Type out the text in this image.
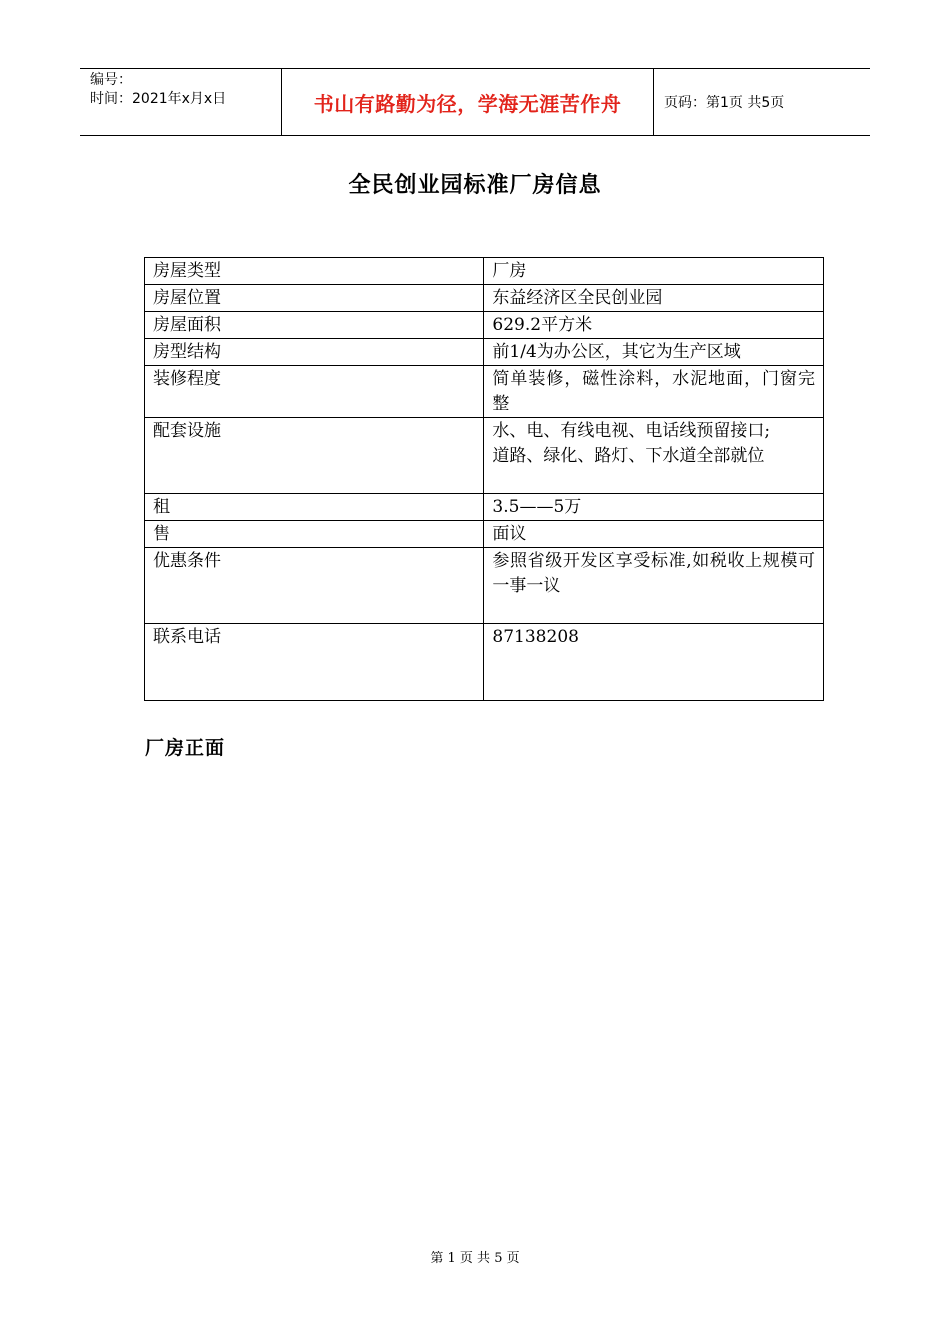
编号：
时间：2021年x月x日	书山有路勤为径，学海无涯苦作舟	页码：第1页 共5页
全民创业园标准厂房信息
房屋类型	厂房
房屋位置	东益经济区全民创业园
房屋面积	629.2平方米
房型结构	前1/4为办公区，其它为生产区域
装修程度	简单装修，磁性涂料，水泥地面，门窗完整
配套设施	水、电、有线电视、电话线预留接口;
道路、绿化、路灯、下水道全部就位

租	3.5——5万
售	面议
优惠条件	参照省级开发区享受标准,如税收上规模可一事一议
联系电话	87138208
厂房正面
第 1 页 共 5 页
